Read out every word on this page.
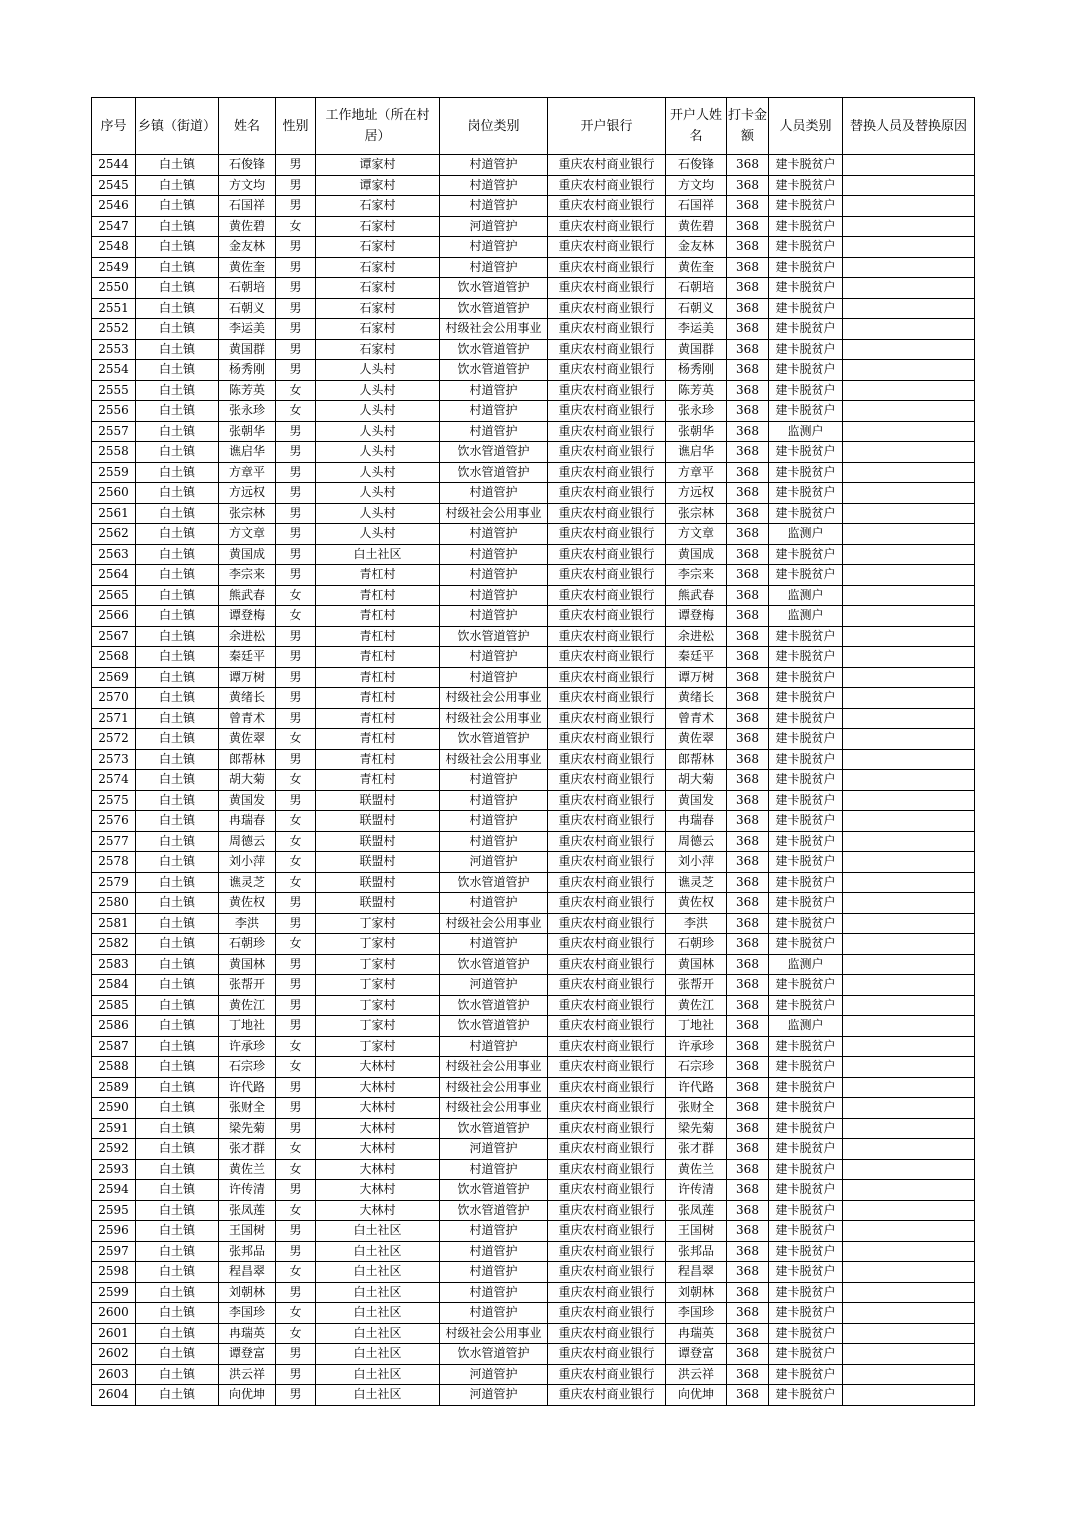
序号	乡镇（街道）	姓名	性别	工作地址（所在村居）	岗位类别	开户银行	开户人姓名	打卡金额	人员类别	替换人员及替换原因
2544	白土镇	石俊锋	男	谭家村	村道管护	重庆农村商业银行	石俊锋	368	建卡脱贫户	
2545	白土镇	方文均	男	谭家村	村道管护	重庆农村商业银行	方文均	368	建卡脱贫户	
2546	白土镇	石国祥	男	石家村	村道管护	重庆农村商业银行	石国祥	368	建卡脱贫户	
2547	白土镇	黄佐碧	女	石家村	河道管护	重庆农村商业银行	黄佐碧	368	建卡脱贫户	
2548	白土镇	金友林	男	石家村	村道管护	重庆农村商业银行	金友林	368	建卡脱贫户	
2549	白土镇	黄佐奎	男	石家村	村道管护	重庆农村商业银行	黄佐奎	368	建卡脱贫户	
2550	白土镇	石朝培	男	石家村	饮水管道管护	重庆农村商业银行	石朝培	368	建卡脱贫户	
2551	白土镇	石朝义	男	石家村	饮水管道管护	重庆农村商业银行	石朝义	368	建卡脱贫户	
2552	白土镇	李运美	男	石家村	村级社会公用事业	重庆农村商业银行	李运美	368	建卡脱贫户	
2553	白土镇	黄国群	男	石家村	饮水管道管护	重庆农村商业银行	黄国群	368	建卡脱贫户	
2554	白土镇	杨秀刚	男	人头村	饮水管道管护	重庆农村商业银行	杨秀刚	368	建卡脱贫户	
2555	白土镇	陈芳英	女	人头村	村道管护	重庆农村商业银行	陈芳英	368	建卡脱贫户	
2556	白土镇	张永珍	女	人头村	村道管护	重庆农村商业银行	张永珍	368	建卡脱贫户	
2557	白土镇	张朝华	男	人头村	村道管护	重庆农村商业银行	张朝华	368	监测户	
2558	白土镇	谯启华	男	人头村	饮水管道管护	重庆农村商业银行	谯启华	368	建卡脱贫户	
2559	白土镇	方章平	男	人头村	饮水管道管护	重庆农村商业银行	方章平	368	建卡脱贫户	
2560	白土镇	方远权	男	人头村	村道管护	重庆农村商业银行	方远权	368	建卡脱贫户	
2561	白土镇	张宗林	男	人头村	村级社会公用事业	重庆农村商业银行	张宗林	368	建卡脱贫户	
2562	白土镇	方文章	男	人头村	村道管护	重庆农村商业银行	方文章	368	监测户	
2563	白土镇	黄国成	男	白土社区	村道管护	重庆农村商业银行	黄国成	368	建卡脱贫户	
2564	白土镇	李宗来	男	青杠村	村道管护	重庆农村商业银行	李宗来	368	建卡脱贫户	
2565	白土镇	熊武春	女	青杠村	村道管护	重庆农村商业银行	熊武春	368	监测户	
2566	白土镇	谭登梅	女	青杠村	村道管护	重庆农村商业银行	谭登梅	368	监测户	
2567	白土镇	余进松	男	青杠村	饮水管道管护	重庆农村商业银行	余进松	368	建卡脱贫户	
2568	白土镇	秦廷平	男	青杠村	村道管护	重庆农村商业银行	秦廷平	368	建卡脱贫户	
2569	白土镇	谭万树	男	青杠村	村道管护	重庆农村商业银行	谭万树	368	建卡脱贫户	
2570	白土镇	黄绪长	男	青杠村	村级社会公用事业	重庆农村商业银行	黄绪长	368	建卡脱贫户	
2571	白土镇	曾青术	男	青杠村	村级社会公用事业	重庆农村商业银行	曾青术	368	建卡脱贫户	
2572	白土镇	黄佐翠	女	青杠村	饮水管道管护	重庆农村商业银行	黄佐翠	368	建卡脱贫户	
2573	白土镇	郎帮林	男	青杠村	村级社会公用事业	重庆农村商业银行	郎帮林	368	建卡脱贫户	
2574	白土镇	胡大菊	女	青杠村	村道管护	重庆农村商业银行	胡大菊	368	建卡脱贫户	
2575	白土镇	黄国发	男	联盟村	村道管护	重庆农村商业银行	黄国发	368	建卡脱贫户	
2576	白土镇	冉瑞春	女	联盟村	村道管护	重庆农村商业银行	冉瑞春	368	建卡脱贫户	
2577	白土镇	周德云	女	联盟村	村道管护	重庆农村商业银行	周德云	368	建卡脱贫户	
2578	白土镇	刘小萍	女	联盟村	河道管护	重庆农村商业银行	刘小萍	368	建卡脱贫户	
2579	白土镇	谯灵芝	女	联盟村	饮水管道管护	重庆农村商业银行	谯灵芝	368	建卡脱贫户	
2580	白土镇	黄佐权	男	联盟村	村道管护	重庆农村商业银行	黄佐权	368	建卡脱贫户	
2581	白土镇	李洪	男	丁家村	村级社会公用事业	重庆农村商业银行	李洪	368	建卡脱贫户	
2582	白土镇	石朝珍	女	丁家村	村道管护	重庆农村商业银行	石朝珍	368	建卡脱贫户	
2583	白土镇	黄国林	男	丁家村	饮水管道管护	重庆农村商业银行	黄国林	368	监测户	
2584	白土镇	张帮开	男	丁家村	河道管护	重庆农村商业银行	张帮开	368	建卡脱贫户	
2585	白土镇	黄佐江	男	丁家村	饮水管道管护	重庆农村商业银行	黄佐江	368	建卡脱贫户	
2586	白土镇	丁地社	男	丁家村	饮水管道管护	重庆农村商业银行	丁地社	368	监测户	
2587	白土镇	许承珍	女	丁家村	村道管护	重庆农村商业银行	许承珍	368	建卡脱贫户	
2588	白土镇	石宗珍	女	大林村	村级社会公用事业	重庆农村商业银行	石宗珍	368	建卡脱贫户	
2589	白土镇	许代路	男	大林村	村级社会公用事业	重庆农村商业银行	许代路	368	建卡脱贫户	
2590	白土镇	张财全	男	大林村	村级社会公用事业	重庆农村商业银行	张财全	368	建卡脱贫户	
2591	白土镇	梁先菊	男	大林村	饮水管道管护	重庆农村商业银行	梁先菊	368	建卡脱贫户	
2592	白土镇	张才群	女	大林村	河道管护	重庆农村商业银行	张才群	368	建卡脱贫户	
2593	白土镇	黄佐兰	女	大林村	村道管护	重庆农村商业银行	黄佐兰	368	建卡脱贫户	
2594	白土镇	许传清	男	大林村	饮水管道管护	重庆农村商业银行	许传清	368	建卡脱贫户	
2595	白土镇	张凤莲	女	大林村	饮水管道管护	重庆农村商业银行	张凤莲	368	建卡脱贫户	
2596	白土镇	王国树	男	白土社区	村道管护	重庆农村商业银行	王国树	368	建卡脱贫户	
2597	白土镇	张邦品	男	白土社区	村道管护	重庆农村商业银行	张邦品	368	建卡脱贫户	
2598	白土镇	程昌翠	女	白土社区	村道管护	重庆农村商业银行	程昌翠	368	建卡脱贫户	
2599	白土镇	刘朝林	男	白土社区	村道管护	重庆农村商业银行	刘朝林	368	建卡脱贫户	
2600	白土镇	李国珍	女	白土社区	村道管护	重庆农村商业银行	李国珍	368	建卡脱贫户	
2601	白土镇	冉瑞英	女	白土社区	村级社会公用事业	重庆农村商业银行	冉瑞英	368	建卡脱贫户	
2602	白土镇	谭登富	男	白土社区	饮水管道管护	重庆农村商业银行	谭登富	368	建卡脱贫户	
2603	白土镇	洪云祥	男	白土社区	河道管护	重庆农村商业银行	洪云祥	368	建卡脱贫户	
2604	白土镇	向优坤	男	白土社区	河道管护	重庆农村商业银行	向优坤	368	建卡脱贫户	
